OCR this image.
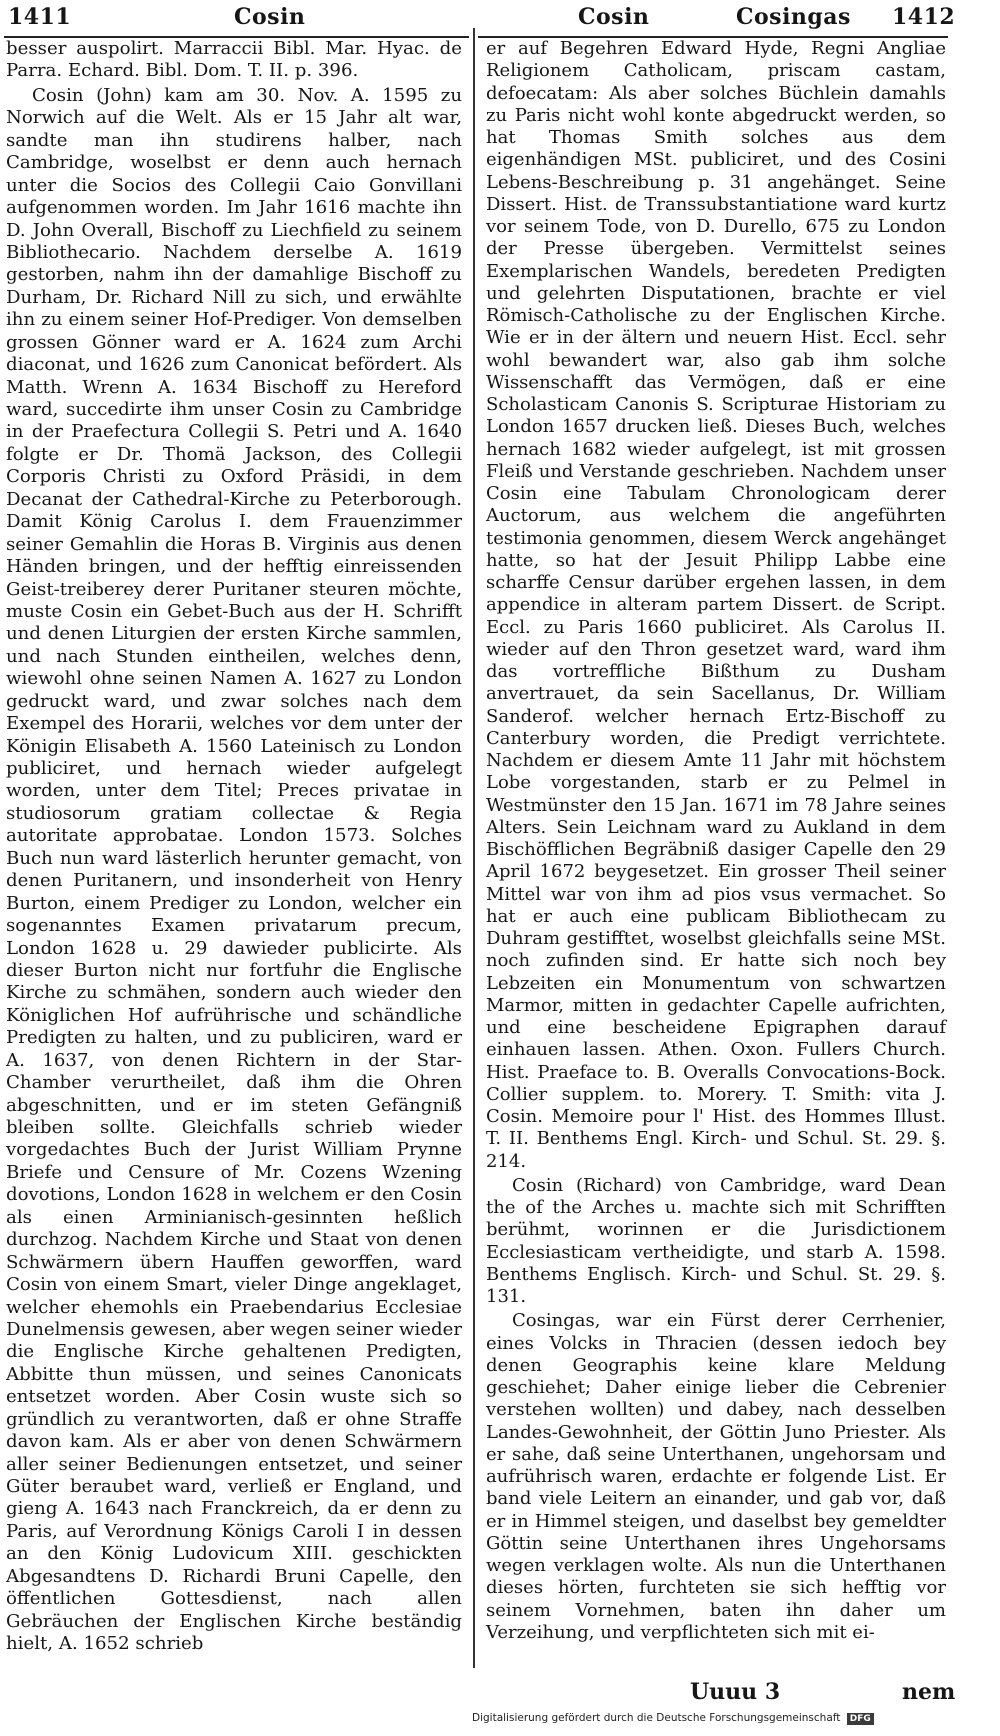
1411	Cosin	Cosin	Cosingas 1412

besser auspolirt. Marraccii Bibl. Mar. Hyac. de Parra. Echard. Bibl. Dom. T. II. p. 396.

Cosin (John) kam am 30. Nov. A. 1595 zu Norwich auf die Welt. Als er 15 Jahr alt war, sandte man ihn studirens halber, nach Cambridge, woselbst er denn auch hernach unter die Socios des Collegii Caio Gonvillani aufgenommen worden. Im Jahr 1616 machte ihn D. John Overall, Bischoff zu Liechfield zu seinem Bibliothecario. Nachdem derselbe A. 1619 gestorben, nahm ihn der damahlige Bischoff zu Durham, Dr. Richard Nill zu sich, und erwählte ihn zu einem seiner Hof-Prediger. Von demselben grossen Gönner ward er A. 1624 zum Archi diaconat, und 1626 zum Canonicat befördert. Als Matth. Wrenn A. 1634 Bischoff zu Hereford ward, succedirte ihm unser Cosin zu Cambridge in der Praefectura Collegii S. Petri und A. 1640 folgte er Dr. Thomä Jackson, des Collegii Corporis Christi zu Oxford Präsidi, in dem Decanat der Cathedral-Kirche zu Peterborough. Damit König Carolus I. dem Frauenzimmer seiner Gemahlin die Horas B. Virginis aus denen Händen bringen, und der hefftig einreissenden Geist-treiberey derer Puritaner steuren möchte, muste Cosin ein Gebet-Buch aus der H. Schrifft und denen Liturgien der ersten Kirche sammlen, und nach Stunden eintheilen, welches denn, wiewohl ohne seinen Namen A. 1627 zu London gedruckt ward, und zwar solches nach dem Exempel des Horarii, welches vor dem unter der Königin Elisabeth A. 1560 Lateinisch zu London publiciret, und hernach wieder aufgelegt worden, unter dem Titel; Preces privatae in studiosorum gratiam collectae & Regia autoritate approbatae. London 1573. Solches Buch nun ward lästerlich herunter gemacht, von denen Puritanern, und insonderheit von Henry Burton, einem Prediger zu London, welcher ein sogenanntes Examen privatarum precum, London 1628 u. 29 dawieder publicirte. Als dieser Burton nicht nur fortfuhr die Englische Kirche zu schmähen, sondern auch wieder den Königlichen Hof aufrührische und schändliche Predigten zu halten, und zu publiciren, ward er A. 1637, von denen Richtern in der Star-Chamber verurtheilet, daß ihm die Ohren abgeschnitten, und er im steten Gefängniß bleiben sollte. Gleichfalls schrieb wieder vorgedachtes Buch der Jurist William Prynne Briefe und Censure of Mr. Cozens Wzening dovotions, London 1628 in welchem er den Cosin als einen Arminianisch-gesinnten heßlich durchzog. Nachdem Kirche und Staat von denen Schwärmern übern Hauffen geworffen, ward Cosin von einem Smart, vieler Dinge angeklaget, welcher ehemohls ein Praebendarius Ecclesiae Dunelmensis gewesen, aber wegen seiner wieder die Englische Kirche gehaltenen Predigten, Abbitte thun müssen, und seines Canonicats entsetzet worden. Aber Cosin wuste sich so gründlich zu verantworten, daß er ohne Straffe davon kam. Als er aber von denen Schwärmern aller seiner Bedienungen entsetzet, und seiner Güter beraubet ward, verließ er England, und gieng A. 1643 nach Franckreich, da er denn zu Paris, auf Verordnung Königs Caroli I in dessen an den König Ludovicum XIII. geschickten Abgesandtens D. Richardi Bruni Capelle, den öffentlichen Gottesdienst, nach allen Gebräuchen der Englischen Kirche beständig hielt, A. 1652 schrieb

er auf Begehren Edward Hyde, Regni Angliae Religionem Catholicam, priscam castam, defoecatam: Als aber solches Büchlein damahls zu Paris nicht wohl konte abgedruckt werden, so hat Thomas Smith solches aus dem eigenhändigen MSt. publiciret, und des Cosini Lebens-Beschreibung p. 31 angehänget. Seine Dissert. Hist. de Transsubstantiatione ward kurtz vor seinem Tode, von D. Durello, 675 zu London der Presse übergeben. Vermittelst seines Exemplarischen Wandels, beredeten Predigten und gelehrten Disputationen, brachte er viel Römisch-Catholische zu der Englischen Kirche. Wie er in der ältern und neuern Hist. Eccl. sehr wohl bewandert war, also gab ihm solche Wissenschafft das Vermögen, daß er eine Scholasticam Canonis S. Scripturae Historiam zu London 1657 drucken ließ. Dieses Buch, welches hernach 1682 wieder aufgelegt, ist mit grossen Fleiß und Verstande geschrieben. Nachdem unser Cosin eine Tabulam Chronologicam derer Auctorum, aus welchem die angeführten testimonia genommen, diesem Werck angehänget hatte, so hat der Jesuit Philipp Labbe eine scharffe Censur darüber ergehen lassen, in dem appendice in alteram partem Dissert. de Script. Eccl. zu Paris 1660 publiciret. Als Carolus II. wieder auf den Thron gesetzet ward, ward ihm das vortreffliche Bißthum zu Dusham anvertrauet, da sein Sacellanus, Dr. William Sanderof. welcher hernach Ertz-Bischoff zu Canterbury worden, die Predigt verrichtete. Nachdem er diesem Amte 11 Jahr mit höchstem Lobe vorgestanden, starb er zu Pelmel in Westmünster den 15 Jan. 1671 im 78 Jahre seines Alters. Sein Leichnam ward zu Aukland in dem Bischöfflichen Begräbniß dasiger Capelle den 29 April 1672 beygesetzet. Ein grosser Theil seiner Mittel war von ihm ad pios vsus vermachet. So hat er auch eine publicam Bibliothecam zu Duhram gestifftet, woselbst gleichfalls seine MSt. noch zufinden sind. Er hatte sich noch bey Lebzeiten ein Monumentum von schwartzen Marmor, mitten in gedachter Capelle aufrichten, und eine bescheidene Epigraphen darauf einhauen lassen. Athen. Oxon. Fullers Church. Hist. Praeface to. B. Overalls Convocations-Bock. Collier supplem. to. Morery. T. Smith: vita J. Cosin. Memoire pour l' Hist. des Hommes Illust. T. II. Benthems Engl. Kirch- und Schul. St. 29. §. 214.

Cosin (Richard) von Cambridge, ward Dean the of the Arches u. machte sich mit Schrifften berühmt, worinnen er die Jurisdictionem Ecclesiasticam vertheidigte, und starb A. 1598. Benthems Englisch. Kirch- und Schul. St. 29. §. 131.

Cosingas, war ein Fürst derer Cerrhenier, eines Volcks in Thracien (dessen iedoch bey denen Geographis keine klare Meldung geschiehet; Daher einige lieber die Cebrenier verstehen wollten) und dabey, nach desselben Landes-Gewohnheit, der Göttin Juno Priester. Als er sahe, daß seine Unterthanen, ungehorsam und aufrührisch waren, erdachte er folgende List. Er band viele Leitern an einander, und gab vor, daß er in Himmel steigen, und daselbst bey gemeldter Göttin seine Unterthanen ihres Ungehorsams wegen verklagen wolte. Als nun die Unterthanen dieses hörten, furchteten sie sich hefftig vor seinem Vornehmen, baten ihn daher um Verzeihung, und verpflichteten sich mit ei-

Uuuu 3	nem
Digitalisierung gefördert durch die Deutsche Forschungsgemeinschaft DFG
